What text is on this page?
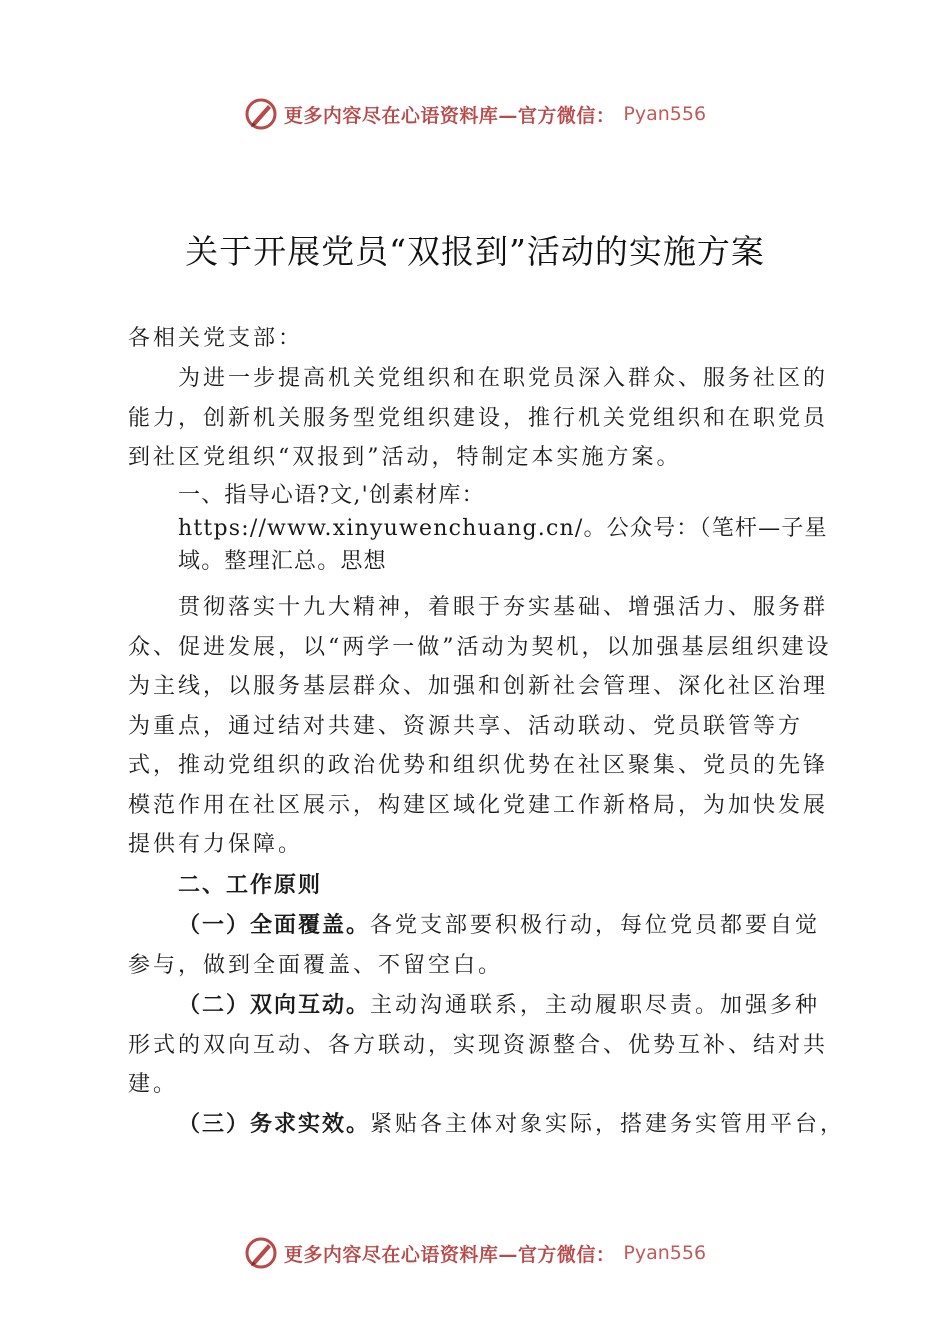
更多内容尽在心语资料库—官方微信： Pyan556
关于开展党员“双报到”活动的实施方案

各相关党支部：

为进一步提高机关党组织和在职党员深入群众、服务社区的能力，创新机关服务型党组织建设，推行机关党组织和在职党员到社区党组织“双报到”活动，特制定本实施方案。

一、指导心语?文,'创素材库：https://www.xinyuwenchuang.cn/。公众号：（笔杆—子星域。整理汇总。思想

贯彻落实十九大精神，着眼于夯实基础、增强活力、服务群众、促进发展，以“两学一做”活动为契机，以加强基层组织建设为主线，以服务基层群众、加强和创新社会管理、深化社区治理为重点，通过结对共建、资源共享、活动联动、党员联管等方式，推动党组织的政治优势和组织优势在社区聚集、党员的先锋模范作用在社区展示，构建区域化党建工作新格局，为加快发展提供有力保障。

二、工作原则

（一）全面覆盖。各党支部要积极行动，每位党员都要自觉参与，做到全面覆盖、不留空白。

（二）双向互动。主动沟通联系，主动履职尽责。加强多种形式的双向互动、各方联动，实现资源整合、优势互补、结对共建。

（三）务求实效。紧贴各主体对象实际，搭建务实管用平台，

更多内容尽在心语资料库—官方微信： Pyan556
